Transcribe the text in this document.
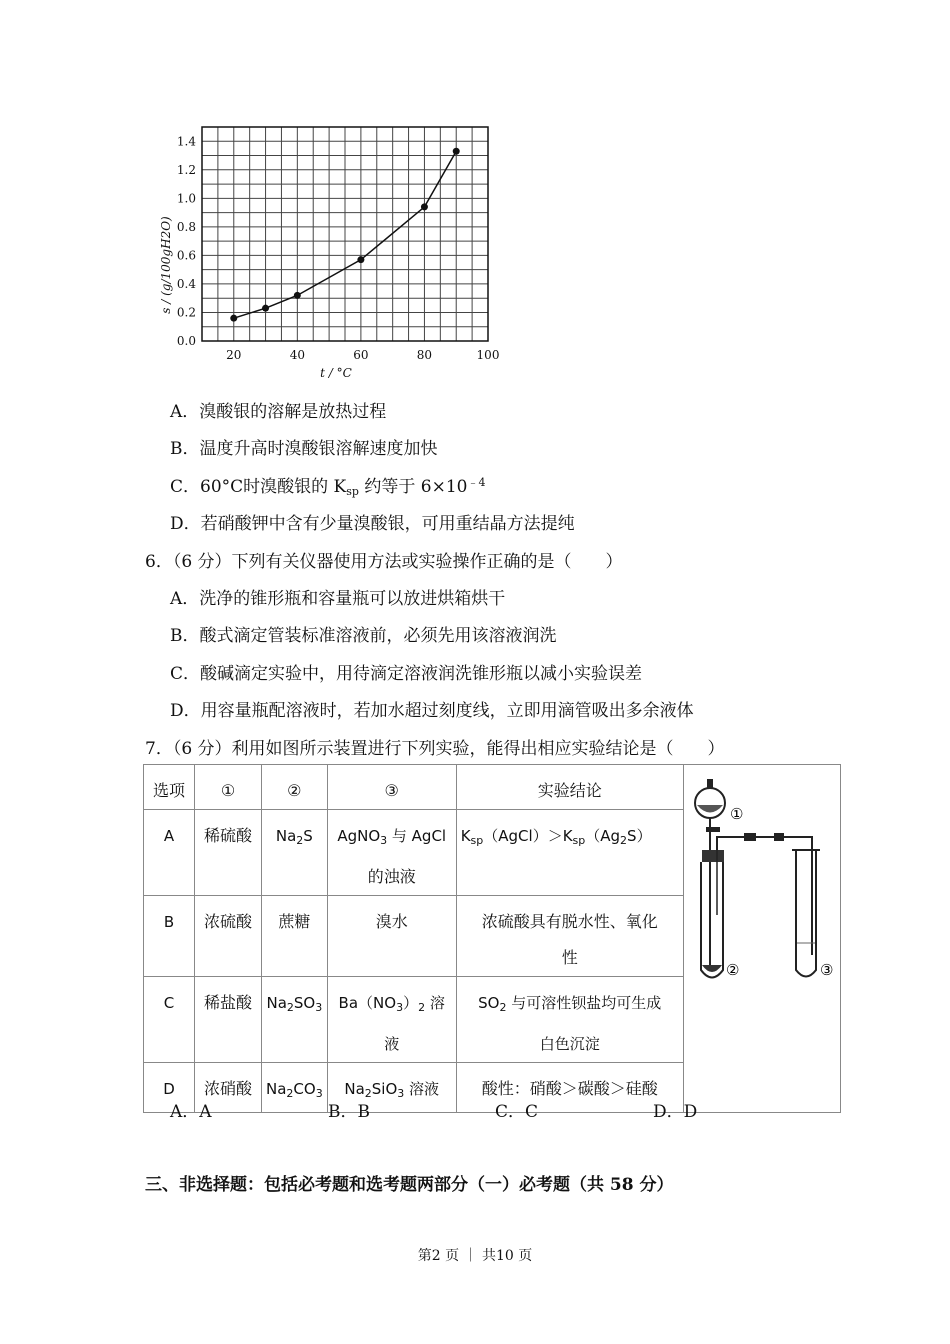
20	40	60	80	100
0.0
0.2
0.4
0.6
0.8
1.0
1.2
1.4
s / (g/100gH2O)
t / °C
A．溴酸银的溶解是放热过程
B．温度升高时溴酸银溶解速度加快
C．60°C时溴酸银的 $K_{sp}$ 约等于 $6\times 10^{﹣4}$
D．若硝酸钾中含有少量溴酸银，可用重结晶方法提纯
6．（6 分）下列有关仪器使用方法或实验操作正确的是（　　）
A．洗净的锥形瓶和容量瓶可以放进烘箱烘干
B．酸式滴定管装标准溶液前，必须先用该溶液润洗
C．酸碱滴定实验中，用待滴定溶液润洗锥形瓶以减小实验误差
D．用容量瓶配溶液时，若加水超过刻度线，立即用滴管吸出多余液体
7．（6 分）利用如图所示装置进行下列实验，能得出相应实验结论是（　　）
选项	①	②	③	实验结论	①
② ③

A	稀硫酸	$Na_2S$	AgNO$_3$ 与 AgCl
的浊液	$K_{sp}(AgCl)>K_{sp}(Ag_2S)$	
B	浓硫酸	蔗糖	溴水	浓硫酸具有脱水性、氧化
性	
C	稀盐酸	$Na_2SO_3$	$Ba(NO_3)_2$ 溶
液	$SO_2$ 与可溶性钡盐均可生成
白色沉淀	
D	浓硝酸	$Na_2CO_3$	$Na_2SiO_3$ 溶液	酸性：硝酸＞碳酸＞硅酸	
A．A	B．B	C．C	D．D
三、非选择题：包括必考题和选考题两部分（一）必考题（共 58 分）
第2 页 ｜ 共10 页
